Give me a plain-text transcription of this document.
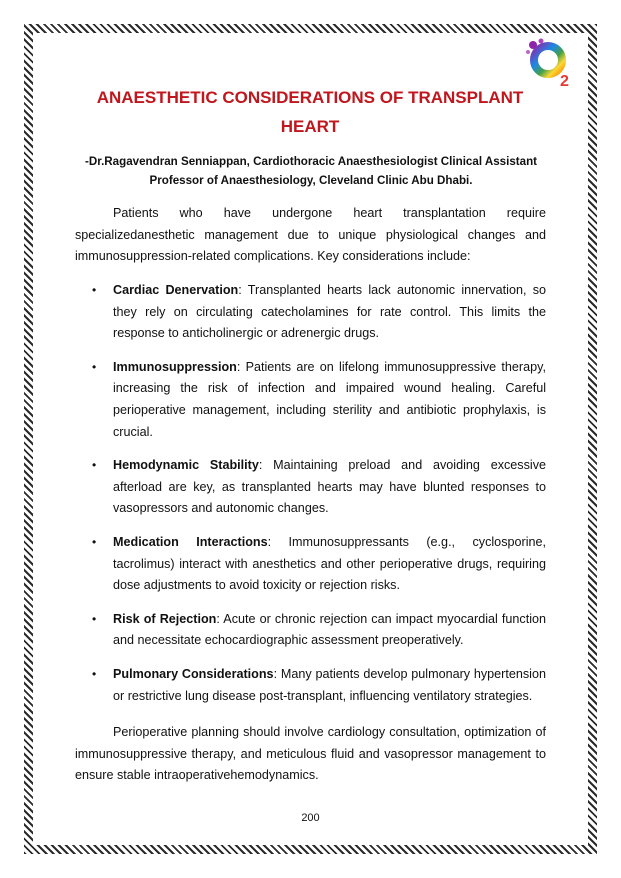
2
ANAESTHETIC CONSIDERATIONS OF TRANSPLANT
HEART
-Dr.Ragavendran Senniappan, Cardiothoracic Anaesthesiologist Clinical Assistant
Professor of Anaesthesiology, Cleveland Clinic Abu Dhabi.

Patients who have undergone heart transplantation require specializedanesthetic management due to unique physiological changes and immunosuppression-related complications. Key considerations include:

• Cardiac Denervation: Transplanted hearts lack autonomic innervation, so they rely on circulating catecholamines for rate control. This limits the response to anticholinergic or adrenergic drugs.
• Immunosuppression: Patients are on lifelong immunosuppressive therapy, increasing the risk of infection and impaired wound healing. Careful perioperative management, including sterility and antibiotic prophylaxis, is crucial.
• Hemodynamic Stability: Maintaining preload and avoiding excessive afterload are key, as transplanted hearts may have blunted responses to vasopressors and autonomic changes.
• Medication Interactions: Immunosuppressants (e.g., cyclosporine, tacrolimus) interact with anesthetics and other perioperative drugs, requiring dose adjustments to avoid toxicity or rejection risks.
• Risk of Rejection: Acute or chronic rejection can impact myocardial function and necessitate echocardiographic assessment preoperatively.
• Pulmonary Considerations: Many patients develop pulmonary hypertension or restrictive lung disease post-transplant, influencing ventilatory strategies.

Perioperative planning should involve cardiology consultation, optimization of immunosuppressive therapy, and meticulous fluid and vasopressor management to ensure stable intraoperativehemodynamics.

200
